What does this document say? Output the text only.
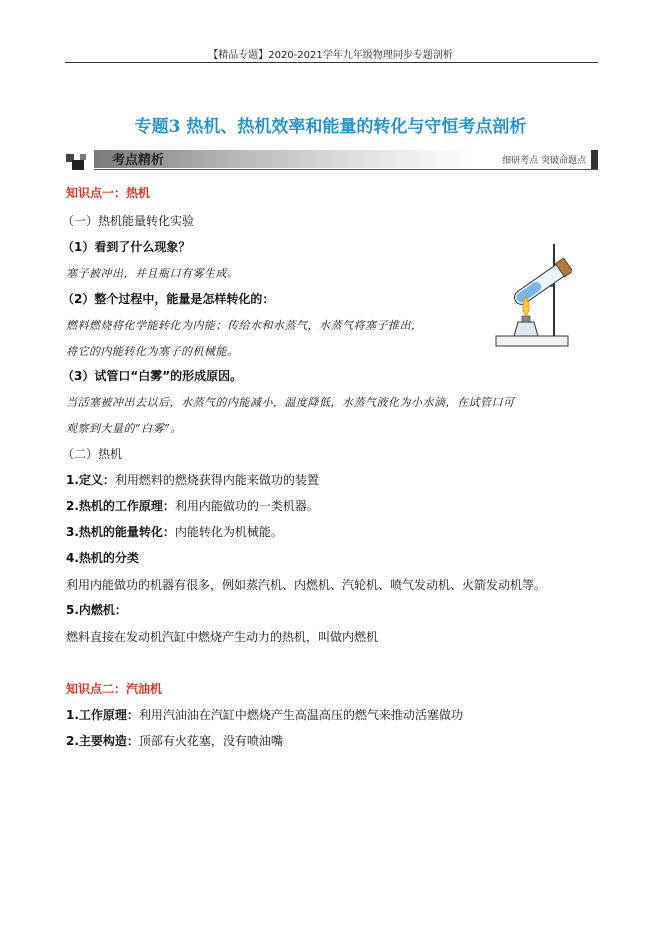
【精品专题】2020-2021学年九年级物理同步专题剖析
专题3 热机、热机效率和能量的转化与守恒考点剖析
考点精析	细研考点 突破命题点
知识点一：热机
（一）热机能量转化实验
（1）看到了什么现象？
塞子被冲出，并且瓶口有雾生成。
（2）整个过程中，能量是怎样转化的：
燃料燃烧将化学能转化为内能；传给水和水蒸气，水蒸气将塞子推出，
将它的内能转化为塞子的机械能。
（3）试管口“白雾”的形成原因。
当活塞被冲出去以后，水蒸气的内能减小，温度降低，水蒸气液化为小水滴，在试管口可
观察到大量的“白雾”。
（二）热机
1.定义：利用燃料的燃烧获得内能来做功的装置
2.热机的工作原理：利用内能做功的一类机器。
3.热机的能量转化：内能转化为机械能。
4.热机的分类
利用内能做功的机器有很多，例如蒸汽机、内燃机、汽轮机、喷气发动机、火箭发动机等。
5.内燃机：
燃料直接在发动机汽缸中燃烧产生动力的热机，叫做内燃机
知识点二：汽油机
1.工作原理：利用汽油油在汽缸中燃烧产生高温高压的燃气来推动活塞做功
2.主要构造：顶部有火花塞，没有喷油嘴
